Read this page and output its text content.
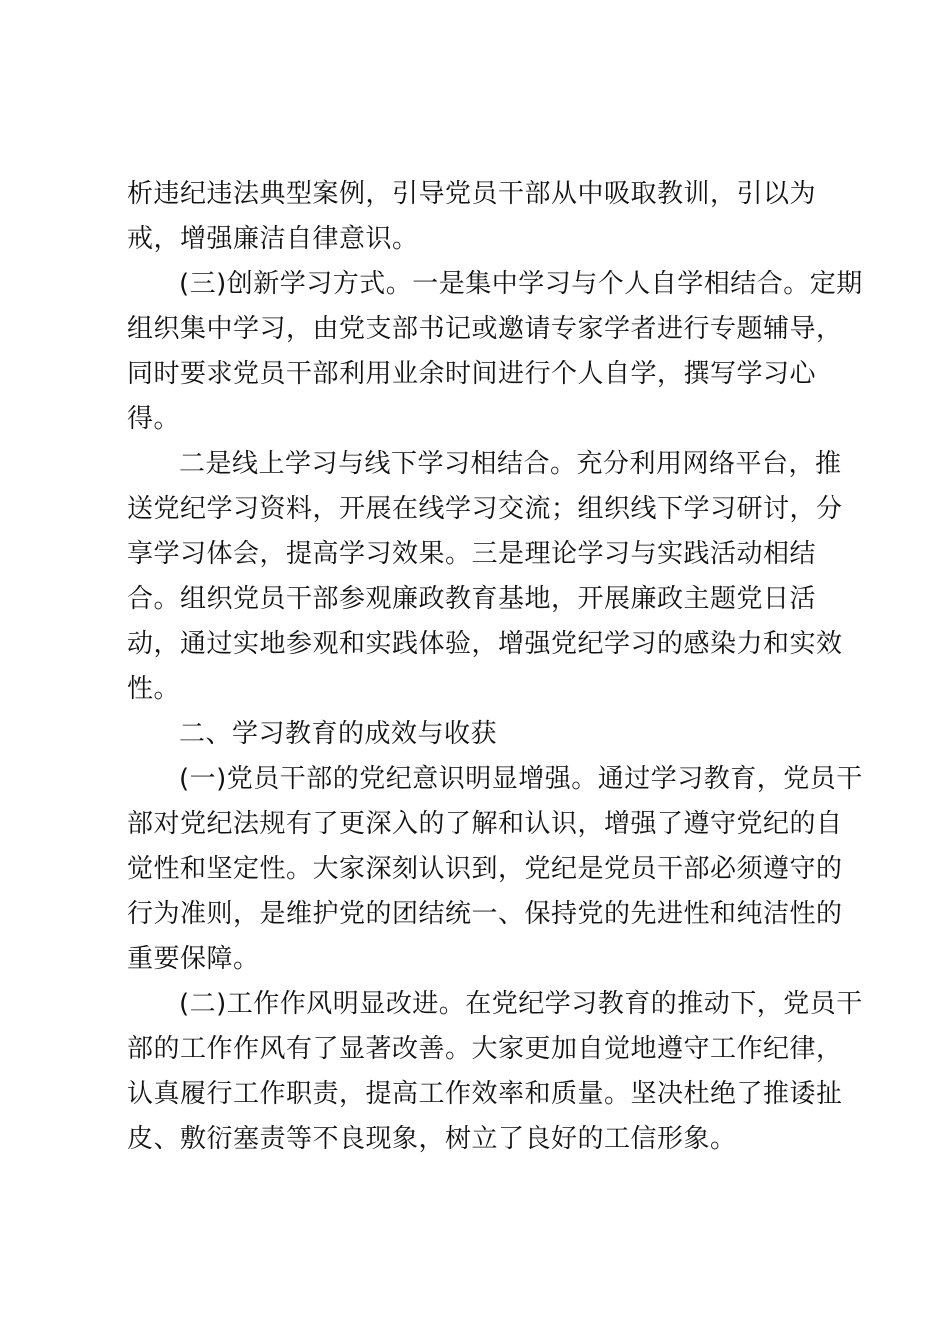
析违纪违法典型案例，引导党员干部从中吸取教训，引以为
戒，增强廉洁自律意识。
(三)创新学习方式。一是集中学习与个人自学相结合。定期
组织集中学习，由党支部书记或邀请专家学者进行专题辅导，
同时要求党员干部利用业余时间进行个人自学，撰写学习心
得。
二是线上学习与线下学习相结合。充分利用网络平台，推
送党纪学习资料，开展在线学习交流；组织线下学习研讨，分
享学习体会，提高学习效果。三是理论学习与实践活动相结
合。组织党员干部参观廉政教育基地，开展廉政主题党日活
动，通过实地参观和实践体验，增强党纪学习的感染力和实效
性。
二、学习教育的成效与收获
(一)党员干部的党纪意识明显增强。通过学习教育，党员干
部对党纪法规有了更深入的了解和认识，增强了遵守党纪的自
觉性和坚定性。大家深刻认识到，党纪是党员干部必须遵守的
行为准则，是维护党的团结统一、保持党的先进性和纯洁性的
重要保障。
(二)工作作风明显改进。在党纪学习教育的推动下，党员干
部的工作作风有了显著改善。大家更加自觉地遵守工作纪律，
认真履行工作职责，提高工作效率和质量。坚决杜绝了推诿扯
皮、敷衍塞责等不良现象，树立了良好的工信形象。
